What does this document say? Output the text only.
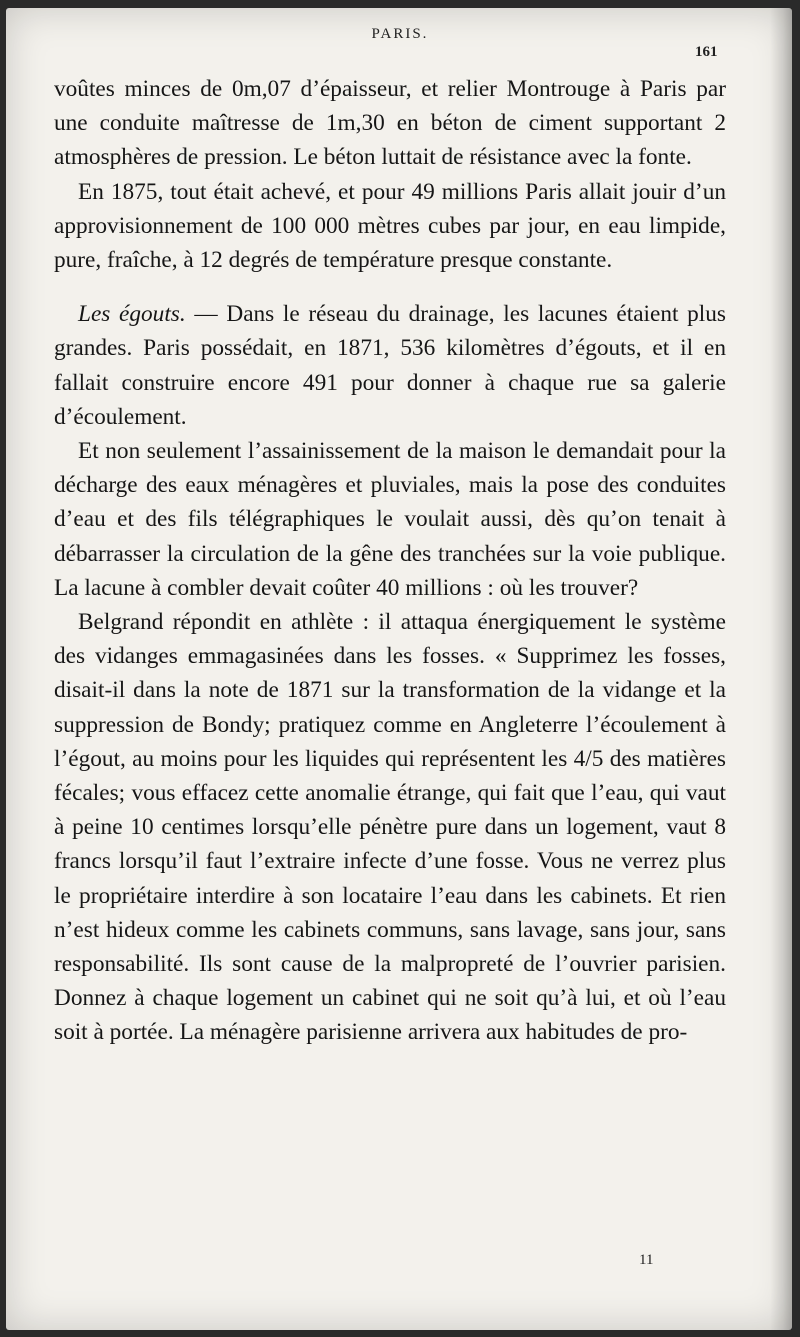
PARIS.
161

voûtes minces de 0m,07 d’épaisseur, et relier Montrouge à Paris par une conduite maîtresse de 1m,30 en béton de ciment supportant 2 atmosphères de pression. Le béton luttait de résistance avec la fonte.

En 1875, tout était achevé, et pour 49 millions Paris allait jouir d’un approvisionnement de 100 000 mètres cubes par jour, en eau limpide, pure, fraîche, à 12 degrés de température presque constante.

Les égouts. — Dans le réseau du drainage, les lacunes étaient plus grandes. Paris possédait, en 1871, 536 kilomètres d’égouts, et il en fallait construire encore 491 pour donner à chaque rue sa galerie d’écoulement.

Et non seulement l’assainissement de la maison le demandait pour la décharge des eaux ménagères et pluviales, mais la pose des conduites d’eau et des fils télégraphiques le voulait aussi, dès qu’on tenait à débarrasser la circulation de la gêne des tranchées sur la voie publique. La lacune à combler devait coûter 40 millions : où les trouver?

Belgrand répondit en athlète : il attaqua énergiquement le système des vidanges emmagasinées dans les fosses. « Supprimez les fosses, disait-il dans la note de 1871 sur la transformation de la vidange et la suppression de Bondy; pratiquez comme en Angleterre l’écoulement à l’égout, au moins pour les liquides qui représentent les 4/5 des matières fécales; vous effacez cette anomalie étrange, qui fait que l’eau, qui vaut à peine 10 centimes lorsqu’elle pénètre pure dans un logement, vaut 8 francs lorsqu’il faut l’extraire infecte d’une fosse. Vous ne verrez plus le propriétaire interdire à son locataire l’eau dans les cabinets. Et rien n’est hideux comme les cabinets communs, sans lavage, sans jour, sans responsabilité. Ils sont cause de la malpropreté de l’ouvrier parisien. Donnez à chaque logement un cabinet qui ne soit qu’à lui, et où l’eau soit à portée. La ménagère parisienne arrivera aux habitudes de pro-

11
